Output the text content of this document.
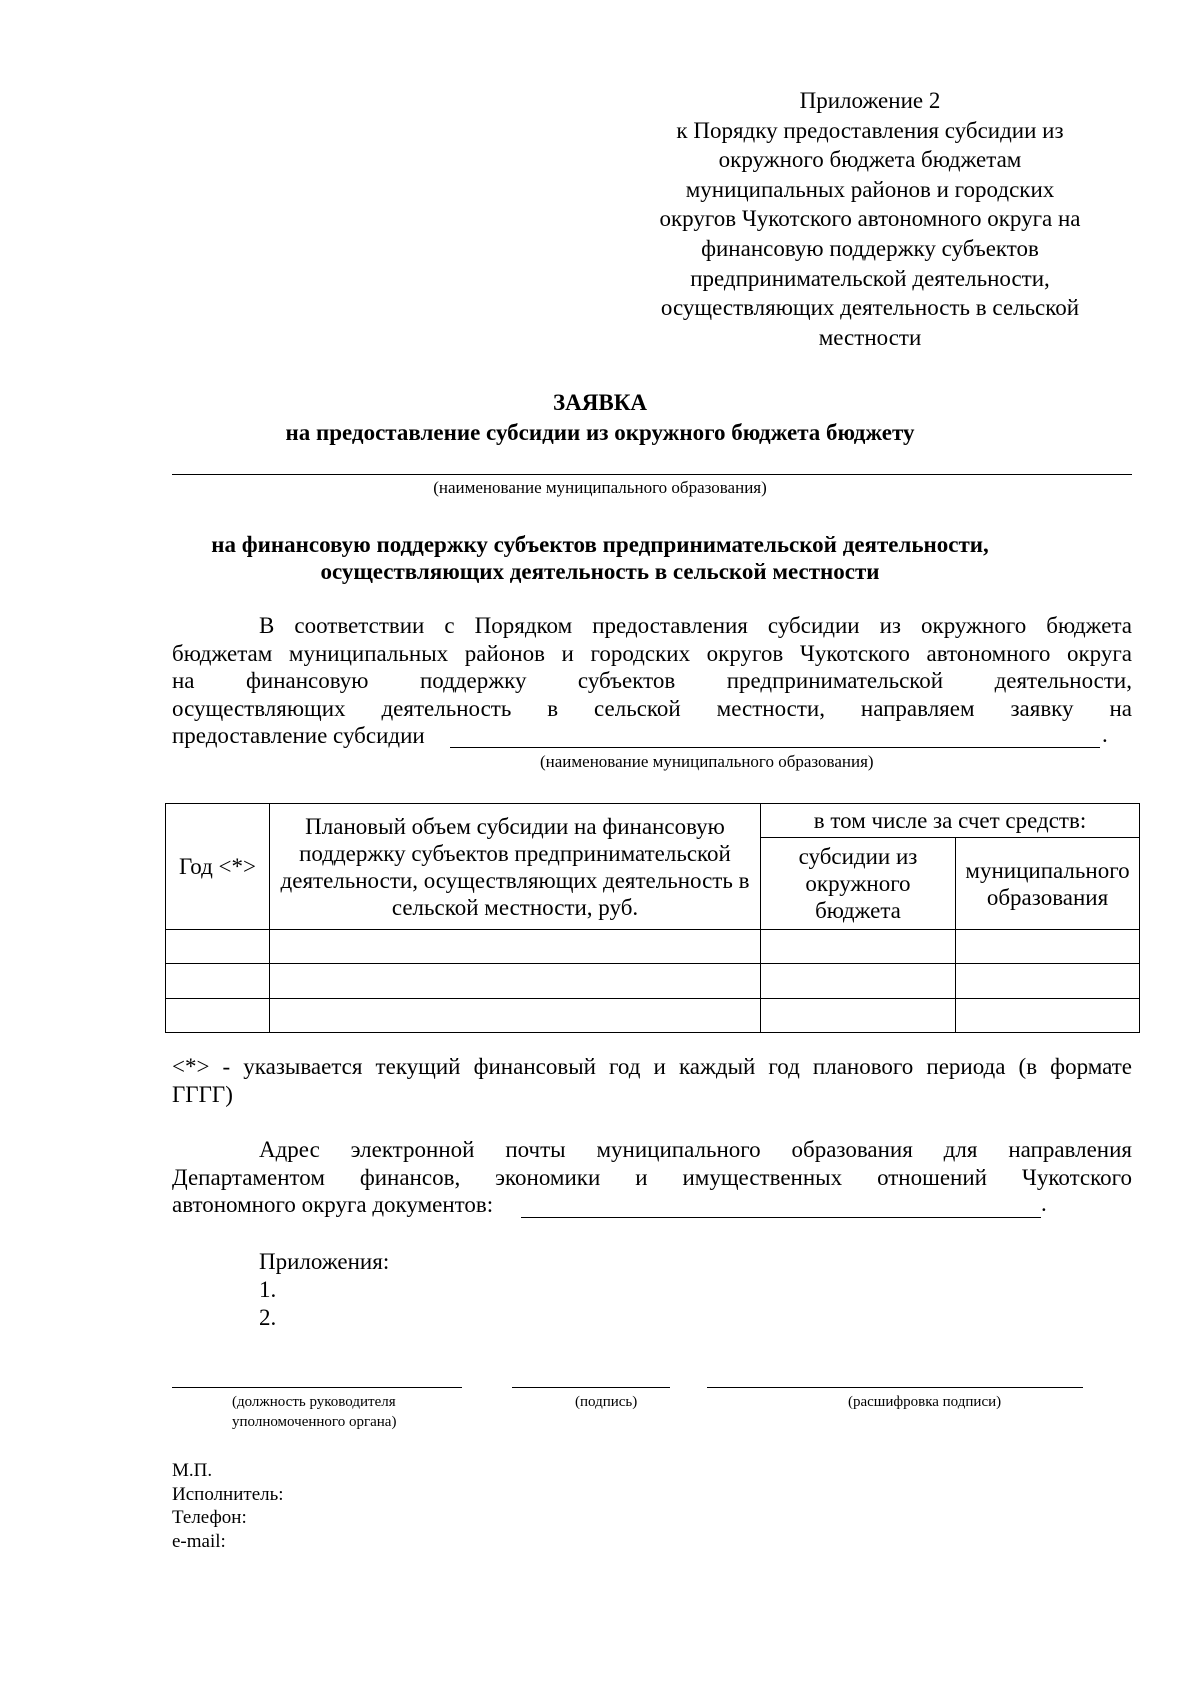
Приложение 2
к Порядку предоставления субсидии из
окружного бюджета бюджетам
муниципальных районов и городских
округов Чукотского автономного округа на
финансовую поддержку субъектов
предпринимательской деятельности,
осуществляющих деятельность в сельской
местности
ЗАЯВКА
на предоставление субсидии из окружного бюджета бюджету
(наименование муниципального образования)
на финансовую поддержку субъектов предпринимательской деятельности,
осуществляющих деятельность в сельской местности
В соответствии с Порядком предоставления субсидии из окружного бюджета
бюджетам муниципальных районов и городских округов Чукотского автономного округа
на финансовую поддержку субъектов предпринимательской деятельности,
осуществляющих деятельность в сельской местности, направляем заявку на
предоставление субсидии	.
(наименование муниципального образования)
Год <*>	Плановый объем субсидии на финансовую поддержку субъектов предпринимательской деятельности, осуществляющих деятельность в сельской местности, руб.	в том числе за счет средств:	
		субсидии из окружного бюджета	муниципального образования

<*> - указывается текущий финансовый год и каждый год планового периода (в формате
ГГГГ)
Адрес электронной почты муниципального образования для направления
Департаментом финансов, экономики и имущественных отношений Чукотского
автономного округа документов:	.
Приложения:
1.
2.
(должность руководителя
уполномоченного органа)
(подпись)	(расшифровка подписи)
М.П.
Исполнитель:
Телефон:
e-mail:
